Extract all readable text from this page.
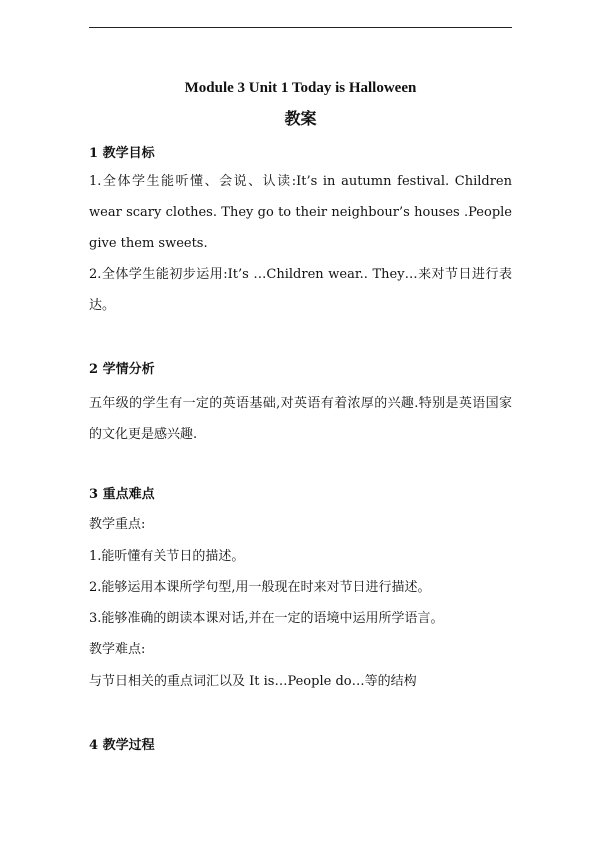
Module 3 Unit 1 Today is Halloween
教案
1 教学目标
1.全体学生能听懂、会说、认读:It’s in autumn festival. Children wear scary clothes. They go to their neighbour’s houses .People give them sweets.
2.全体学生能初步运用:It’s …Children wear.. They…来对节日进行表达。
2 学情分析
五年级的学生有一定的英语基础,对英语有着浓厚的兴趣.特别是英语国家的文化更是感兴趣.
3 重点难点
教学重点:
1.能听懂有关节日的描述。
2.能够运用本课所学句型,用一般现在时来对节日进行描述。
3.能够准确的朗读本课对话,并在一定的语境中运用所学语言。
教学难点:
与节日相关的重点词汇以及 It is…People do…等的结构
4 教学过程
